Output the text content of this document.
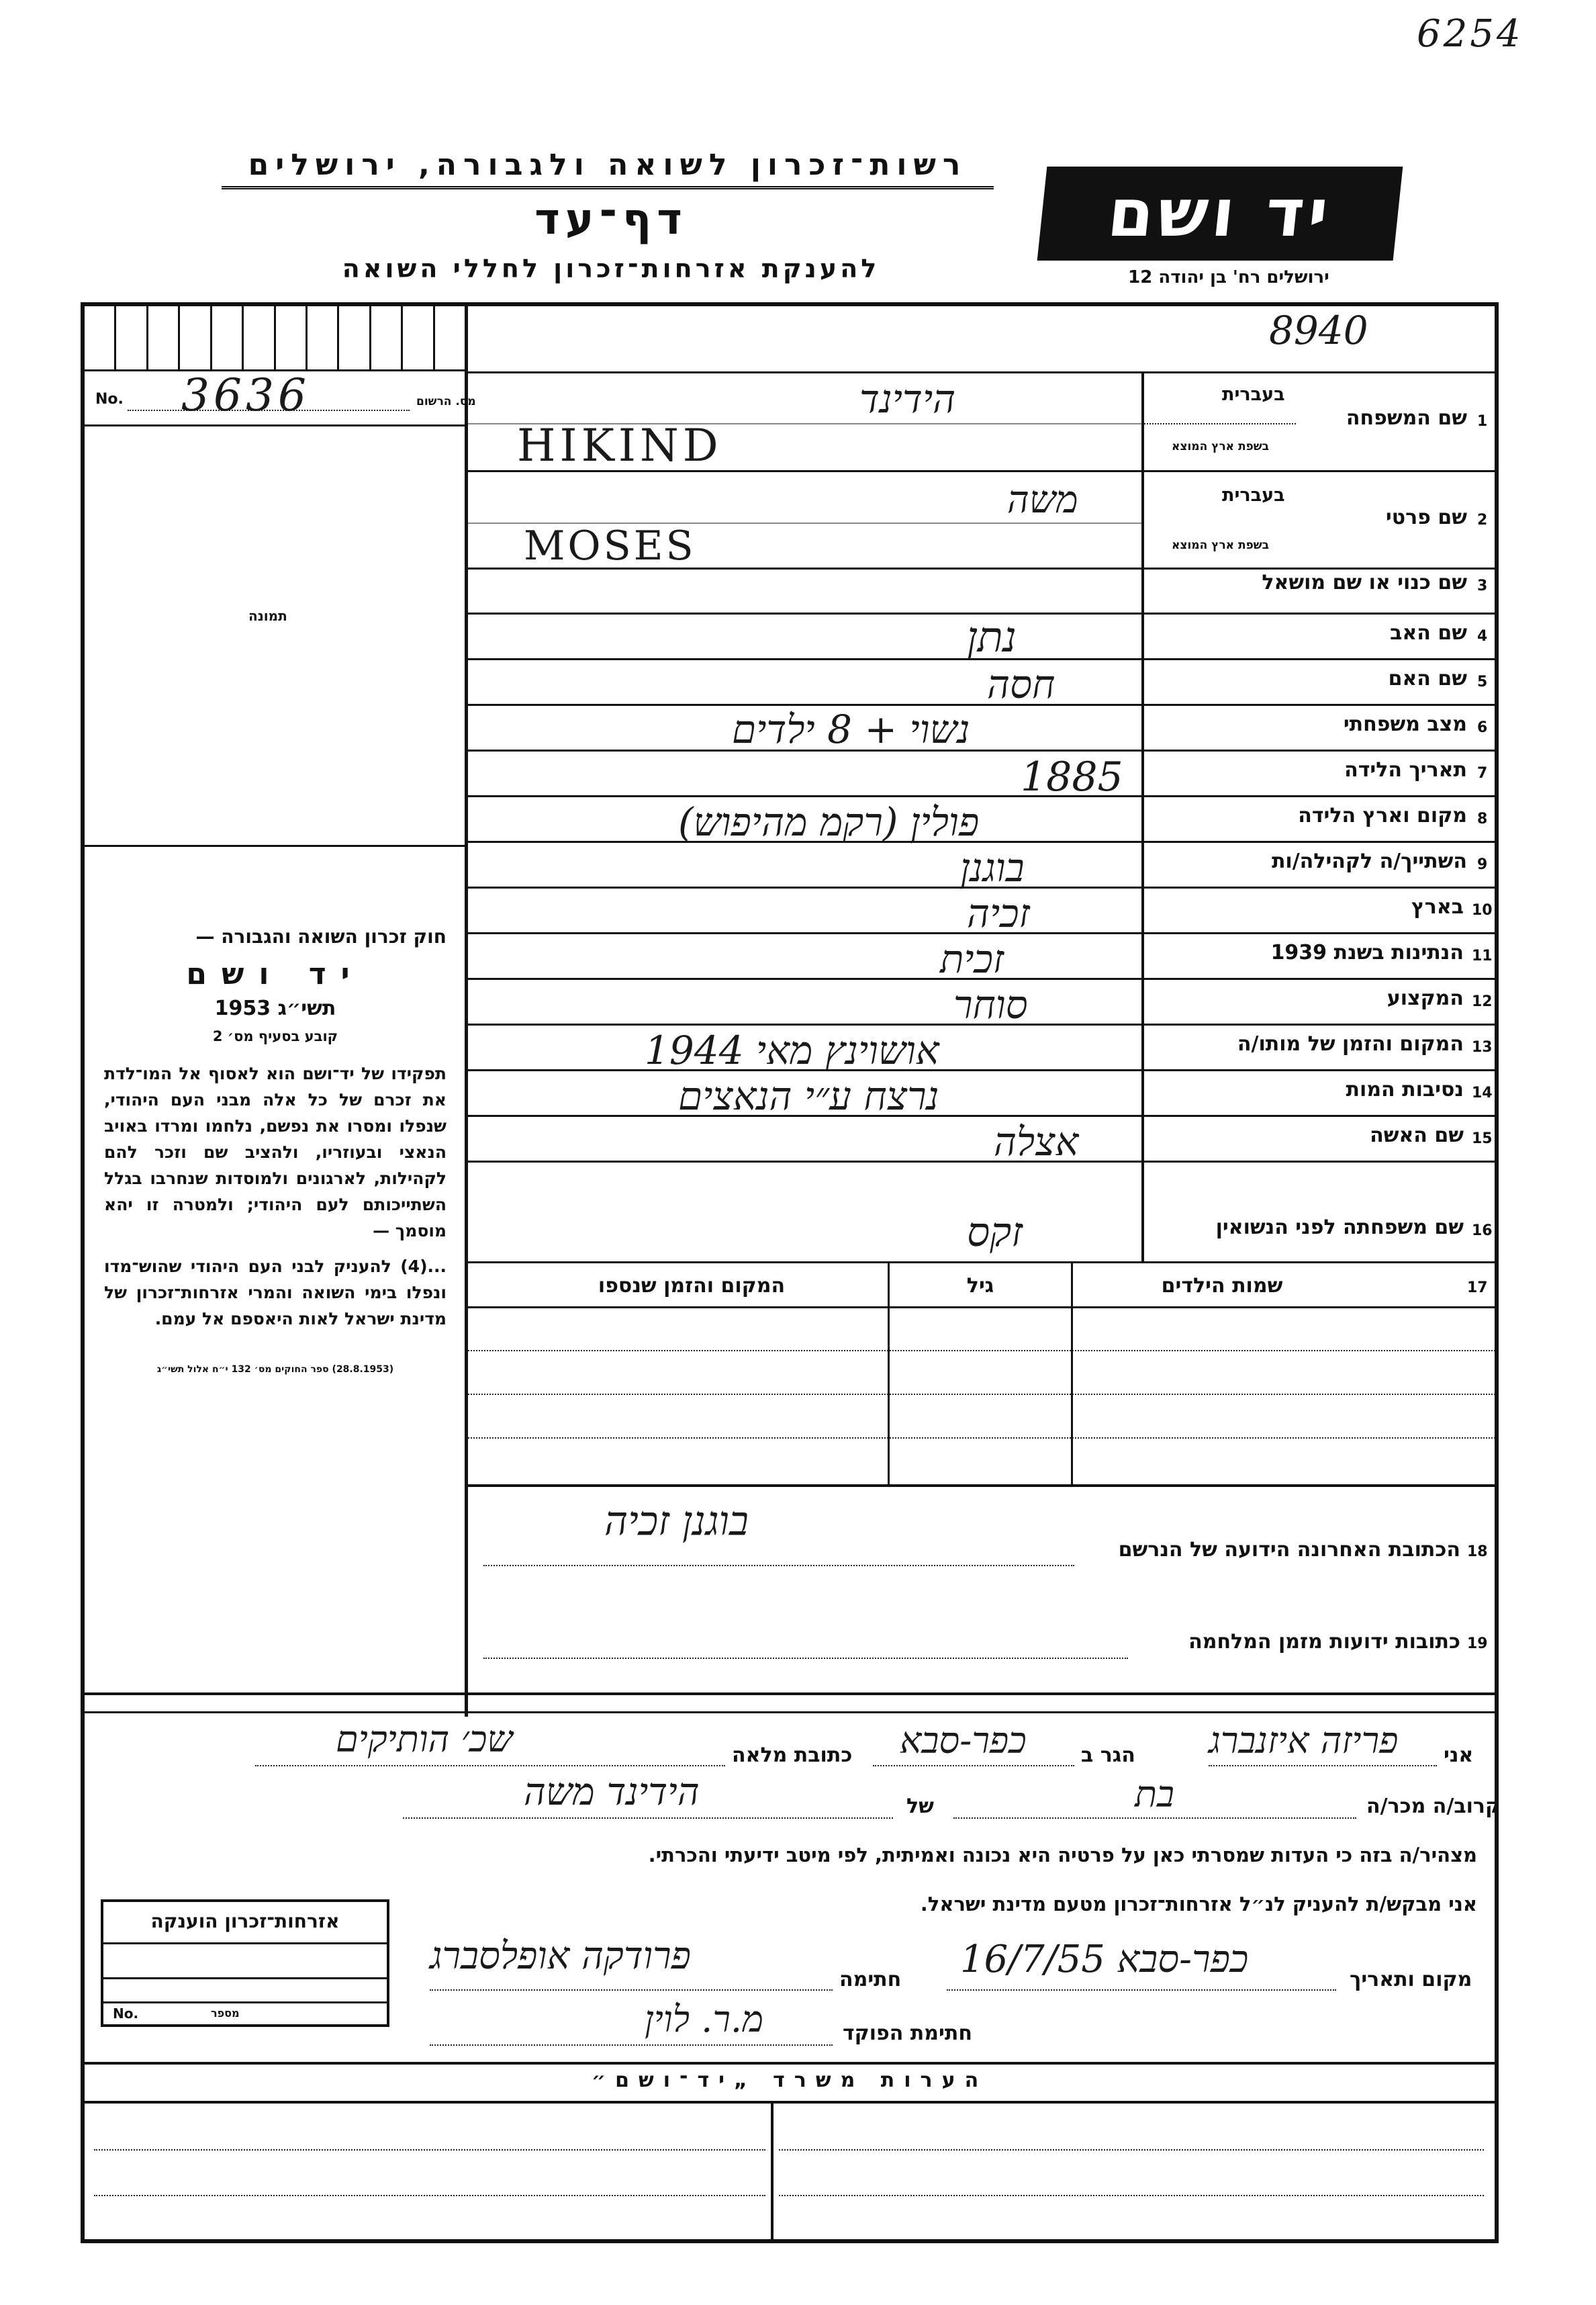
6254
רשות־זכרון לשואה ולגבורה, ירושלים
דף־עד
להענקת אזרחות־זכרון לחללי השואה
יד ושם
ירושלים רח' בן יהודה 12
8940
No. 3636	מס. הרשום
תמונה
חוק זכרון השואה והגבורה —
יד ושם
תשי״ג 1953
קובע בסעיף מס׳ 2
תפקידו של יד־ושם הוא לאסוף אל המו־לדת את זכרם של כל אלה מבני העם היהודי, שנפלו ומסרו את נפשם, נלחמו ומרדו באויב הנאצי ובעוזריו, ולהציב שם וזכר להם לקהילות, לארגונים ולמוסדות שנחרבו בגלל השתייכותם לעם היהודי; ולמטרה זו יהא מוסמך —
...(4) להעניק לבני העם היהודי שהוש־מדו ונפלו בימי השואה והמרי אזרחות־זכרון של מדינת ישראל לאות היאספם אל עמם.
(28.8.1953) ספר החוקים מס׳ 132 י״ח אלול תשי״ג
1
שם המשפחה
בעברית
בשפת ארץ המוצא
הידינד
HIKIND
2
שם פרטי
בעברית
בשפת ארץ המוצא
משה
MOSES
3
שם כנוי או שם מושאל
4
שם האב
נתן
5
שם האם
חסה
6
מצב משפחתי
נשוי + 8 ילדים
7
תאריך הלידה
1885
8
מקום וארץ הלידה
פולין (רקמ מהיפוש)
9
השתייך/ה לקהילה/ות
בוגנן
10
בארץ
זכיה
11
הנתינות בשנת 1939
זכית
12
המקצוע
סוחר
13
המקום והזמן של מותו/ה
אושוינץ מאי 1944
14
נסיבות המות
נרצח ע״י הנאצים
15
שם האשה
אצלה
16
שם משפחתה לפני הנשואין
זקס
17
שמות הילדים
גיל
המקום והזמן שנספו
18
הכתובת האחרונה הידועה של הנרשם
בוגנן זכיה
19
כתובות ידועות מזמן המלחמה
אני
פריזה איזנברג
הגר ב
כפר-סבא
כתובת מלאה
שכ׳ הותיקים
קרוב/ה מכר/ה
בת
של
הידינד משה
מצהיר/ה בזה כי העדות שמסרתי כאן על פרטיה היא נכונה ואמיתית, לפי מיטב ידיעתי והכרתי.
אני מבקש/ת להעניק לנ״ל אזרחות־זכרון מטעם מדינת ישראל.
אזרחות־זכרון הוענקה
No.	מספר
מקום ותאריך
כפר-סבא 16/7/55
חתימה
פרודקה אופלסברג
חתימת הפוקד
מ.ר. לוין
הערות משרד „יד־ושם״
